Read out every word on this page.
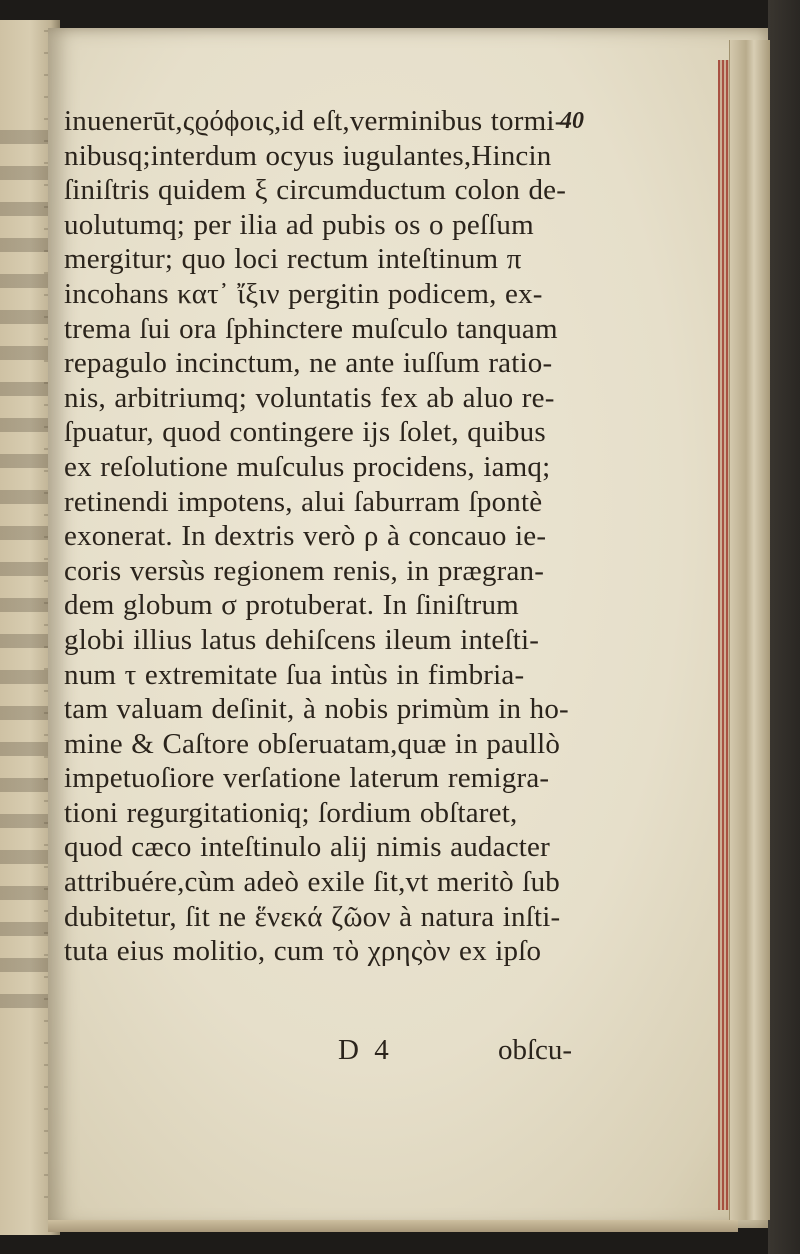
40
inuenerūt,ςϱόϕοις,id eſt,verminibus tormi-
nibusq;interdum ocyus iugulantes,Hincin
ſiniſtris quidem ξ circumductum colon de-
uolutumq; per ilia ad pubis os ο peſſum
mergitur; quo loci rectum inteſtinum π
incohans κατ᾽ ἴξιν pergitin podicem, ex-
trema ſui ora ſphinctere muſculo tanquam
repagulo incinctum, ne ante iuſſum ratio-
nis, arbitriumq; voluntatis fex ab aluo re-
ſpuatur, quod contingere ijs ſolet, quibus
ex reſolutione muſculus procidens, iamq;
retinendi impotens, alui ſaburram ſpontè
exonerat. In dextris verò ρ à concauo ie-
coris versùs regionem renis, in prægran-
dem globum σ protuberat. In ſiniſtrum
globi illius latus dehiſcens ileum inteſti-
num τ extremitate ſua intùs in fimbria-
tam valuam deſinit, à nobis primùm in ho-
mine & Caſtore obſeruatam,quæ in paullò
impetuoſiore verſatione laterum remigra-
tioni regurgitationiq; ſordium obſtaret,
quod cæco inteſtinulo alij nimis audacter
attribuére,cùm adeò exile ſit,vt meritò ſub
dubitetur, ſit ne ἕνεκά ζῶον à natura inſti-
tuta eius molitio, cum τὸ χρηςὸν ex ipſo
D 4	obſcu-
